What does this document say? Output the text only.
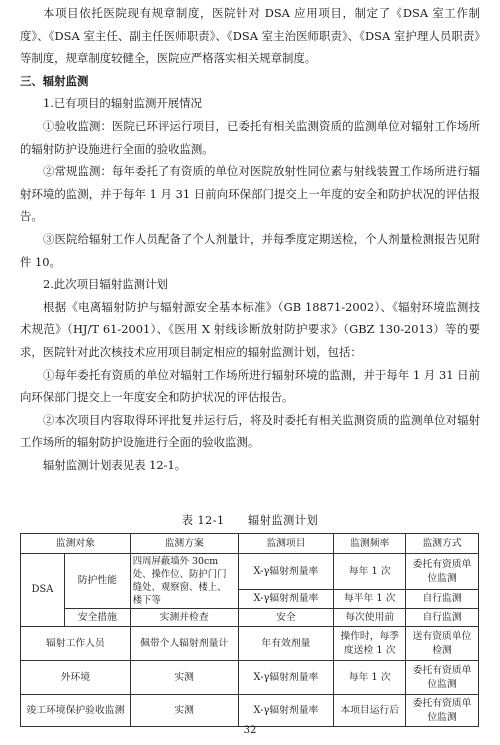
本项目依托医院现有规章制度，医院针对 DSA 应用项目，制定了《DSA 室工作制度》、《DSA 室主任、副主任医师职责》、《DSA 室主治医师职责》、《DSA 室护理人员职责》等制度，规章制度较健全，医院应严格落实相关规章制度。

三、辐射监测

1.已有项目的辐射监测开展情况

①验收监测：医院已环评运行项目，已委托有相关监测资质的监测单位对辐射工作场所的辐射防护设施进行全面的验收监测。

②常规监测：每年委托了有资质的单位对医院放射性同位素与射线装置工作场所进行辐射环境的监测，并于每年 1 月 31 日前向环保部门提交上一年度的安全和防护状况的评估报告。

③医院给辐射工作人员配备了个人剂量计，并每季度定期送检，个人剂量检测报告见附件 10。

2.此次项目辐射监测计划

根据《电离辐射防护与辐射源安全基本标准》（GB 18871-2002）、《辐射环境监测技术规范》（HJ/T 61-2001）、《医用 X 射线诊断放射防护要求》（GBZ 130-2013）等的要求，医院针对此次核技术应用项目制定相应的辐射监测计划，包括：

①每年委托有资质的单位对辐射工作场所进行辐射环境的监测，并于每年 1 月 31 日前向环保部门提交上一年度安全和防护状况的评估报告。

②本次项目内容取得环评批复并运行后，将及时委托有相关监测资质的监测单位对辐射工作场所的辐射防护设施进行全面的验收监测。

辐射监测计划表见表 12-1。

表 12-1　　辐射监测计划
监测对象		监测方案	监测项目	监测频率	监测方式
DSA	防护性能	四周屏蔽墙外 30cm 处、操作位、防护门门缝处、观察窗、楼上、楼下等	X-γ辐射剂量率	每年 1 次	委托有资质单位监测
			X-γ辐射剂量率	每半年 1 次	自行监测
	安全措施	实测并检查	安全	每次使用前	自行监测
辐射工作人员		佩带个人辐射剂量计	年有效剂量	操作时，每季度送检 1 次	送有资质单位检测
外环境		实测	X-γ辐射剂量率	每年 1 次	委托有资质单位监测
竣工环境保护验收监测		实测	X-γ辐射剂量率	本项目运行后	委托有资质单位监测
32
